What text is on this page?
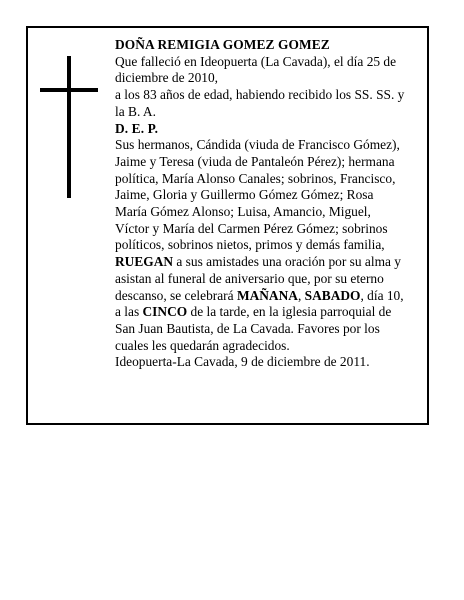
DOÑA REMIGIA GOMEZ GOMEZ

Que falleció en Ideopuerta (La Cavada), el día 25 de diciembre de 2010,

a los 83 años de edad, habiendo recibido los SS. SS. y la B. A.

D. E. P.

Sus hermanos, Cándida (viuda de Francisco Gómez), Jaime y Teresa (viuda de Pantaleón Pérez); hermana política, María Alonso Canales; sobrinos, Francisco, Jaime, Gloria y Guillermo Gómez Gómez; Rosa María Gómez Alonso; Luisa, Amancio, Miguel, Víctor y María del Carmen Pérez Gómez; sobrinos políticos, sobrinos nietos, primos y demás familia,

RUEGAN a sus amistades una oración por su alma y asistan al funeral de aniversario que, por su eterno descanso, se celebrará MAÑANA, SABADO, día 10, a las CINCO de la tarde, en la iglesia parroquial de San Juan Bautista, de La Cavada. Favores por los cuales les quedarán agradecidos.

Ideopuerta-La Cavada, 9 de diciembre de 2011.
